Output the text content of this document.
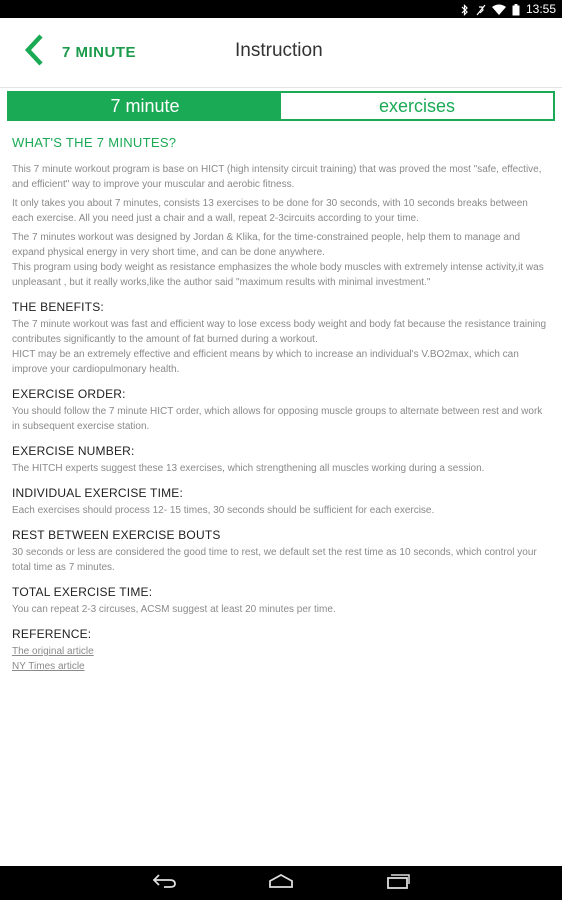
13:55
7 MINUTE	Instruction
7 minute	exercises
WHAT'S THE 7 MINUTES?

This 7 minute workout program is base on HICT (high intensity circuit training) that was proved the most "safe, effective, and efficient" way to improve your muscular and aerobic fitness.

It only takes you about 7 minutes, consists 13 exercises to be done for 30 seconds, with 10 seconds breaks between each exercise. All you need just a chair and a wall, repeat 2-3circuits according to your time.

The 7 minutes workout was designed by Jordan & Klika, for the time-constrained people, help them to manage and expand physical energy in very short time, and can be done anywhere.

This program using body weight as resistance emphasizes the whole body muscles with extremely intense activity,it was unpleasant , but it really works,like the author said "maximum results with minimal investment."

THE BENEFITS:

The 7 minute workout was fast and efficient way to lose excess body weight and body fat because the resistance training contributes significantly to the amount of fat burned during a workout.

HICT may be an extremely effective and efficient means by which to increase an individual's V.BO2max, which can improve your cardiopulmonary health.

EXERCISE ORDER:

You should follow the 7 minute HICT order, which allows for opposing muscle groups to alternate between rest and work in subsequent exercise station.

EXERCISE NUMBER:

The HITCH experts suggest these 13 exercises, which strengthening all muscles working during a session.

INDIVIDUAL EXERCISE TIME:

Each exercises should process 12- 15 times, 30 seconds should be sufficient for each exercise.

REST BETWEEN EXERCISE BOUTS

30 seconds or less are considered the good time to rest, we default set the rest time as 10 seconds, which control your total time as 7 minutes.

TOTAL EXERCISE TIME:

You can repeat 2-3 circuses, ACSM suggest at least 20 minutes per time.

REFERENCE:
The original article
NY Times article
